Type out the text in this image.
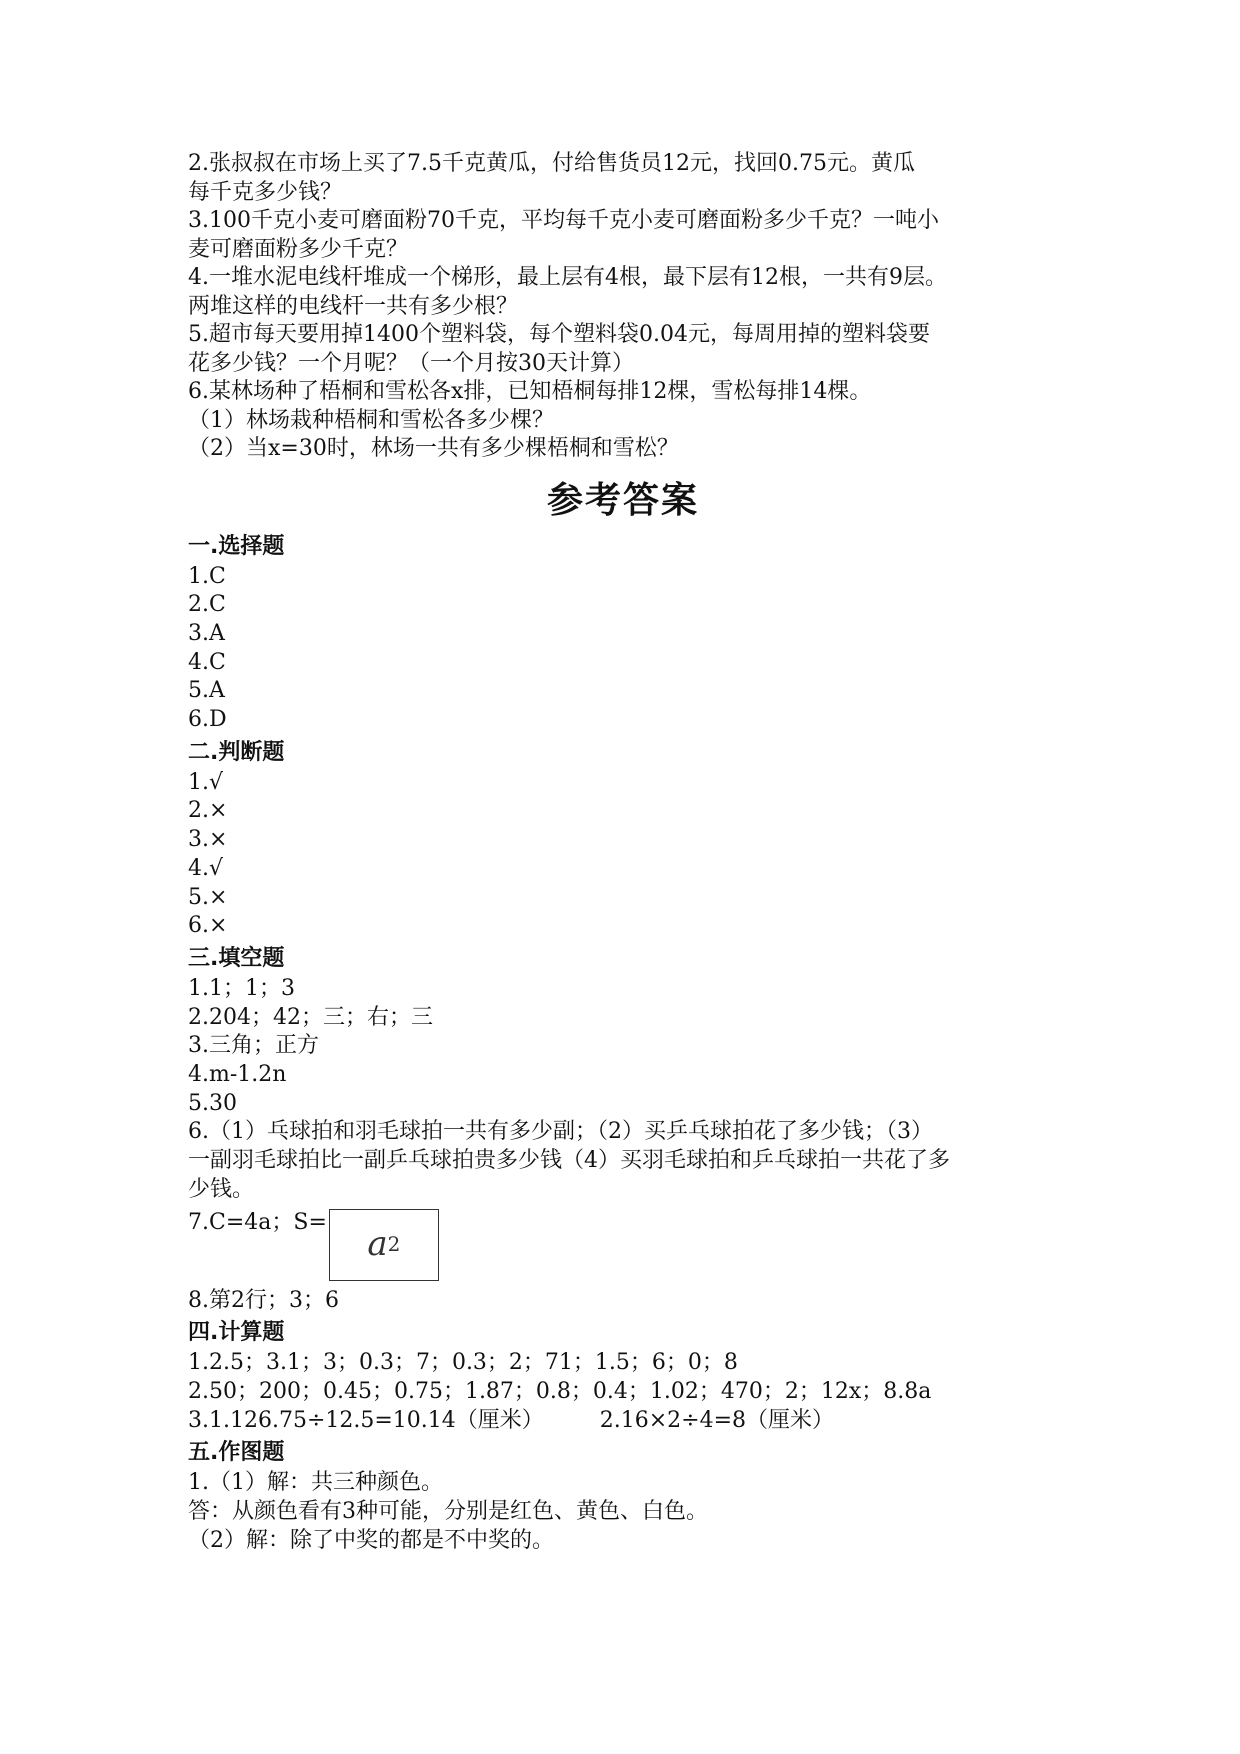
2.张叔叔在市场上买了7.5千克黄瓜，付给售货员12元，找回0.75元。黄瓜
每千克多少钱？
3.100千克小麦可磨面粉70千克，平均每千克小麦可磨面粉多少千克？一吨小
麦可磨面粉多少千克？
4.一堆水泥电线杆堆成一个梯形，最上层有4根，最下层有12根，一共有9层。
两堆这样的电线杆一共有多少根？
5.超市每天要用掉1400个塑料袋，每个塑料袋0.04元，每周用掉的塑料袋要
花多少钱？一个月呢？（一个月按30天计算）
6.某林场种了梧桐和雪松各x排，已知梧桐每排12棵，雪松每排14棵。
（1）林场栽种梧桐和雪松各多少棵？
（2）当x=30时，林场一共有多少棵梧桐和雪松？
参考答案
一.选择题
1.C
2.C
3.A
4.C
5.A
6.D
二.判断题
1.√
2.×
3.×
4.√
5.×
6.×
三.填空题
1.1；1；3
2.204；42；三；右；三
3.三角；正方
4.m-1.2n
5.30
6.（1）乓球拍和羽毛球拍一共有多少副；（2）买乒乓球拍花了多少钱；（3）
一副羽毛球拍比一副乒乓球拍贵多少钱（4）买羽毛球拍和乒乓球拍一共花了多
少钱。
7.C=4a；S=
a 2
8.第2行；3；6
四.计算题
1.2.5；3.1；3；0.3；7；0.3；2；71；1.5；6；0；8
2.50；200；0.45；0.75；1.87；0.8；0.4；1.02；470；2；12x；8.8a
3.1.126.75÷12.5=10.14（厘米）        2.16×2÷4=8（厘米）
五.作图题
1.（1）解：共三种颜色。
答：从颜色看有3种可能，分别是红色、黄色、白色。
（2）解：除了中奖的都是不中奖的。
